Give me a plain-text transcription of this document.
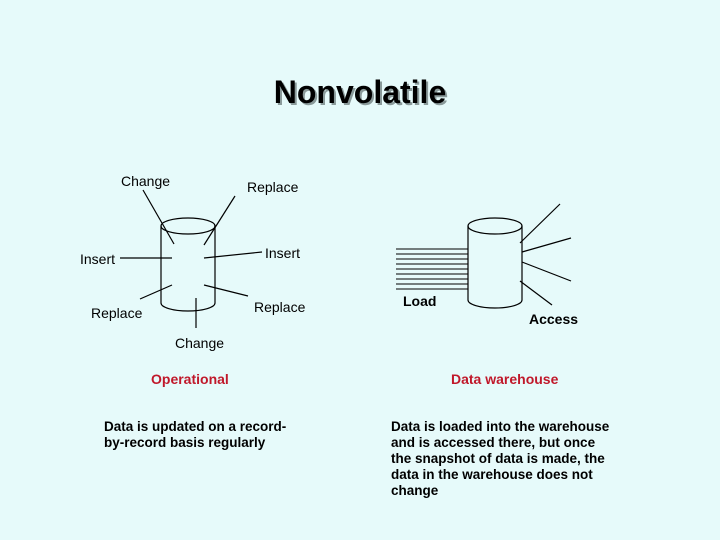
Nonvolatile
Change	Replace
Insert	Insert
Replace	Replace
Change
Load
Access
Operational	Data warehouse
Data is updated on a record-
by-record basis regularly
Data is loaded into the warehouse
and is accessed there, but once
the snapshot of data is made, the
data in the warehouse does not
change
